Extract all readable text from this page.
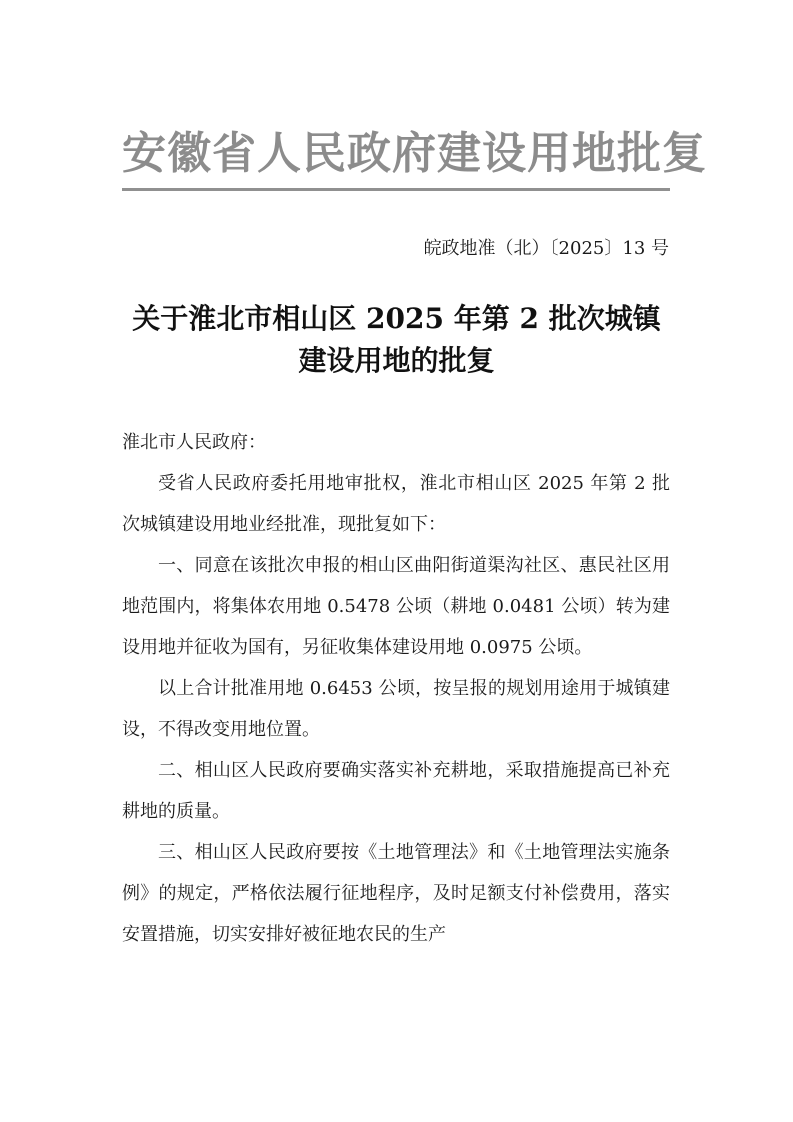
安徽省人民政府建设用地批复
皖政地准（北）〔2025〕13 号
关于淮北市相山区 2025 年第 2 批次城镇
建设用地的批复

淮北市人民政府：

受省人民政府委托用地审批权，淮北市相山区 2025 年第 2 批次城镇建设用地业经批准，现批复如下：

一、同意在该批次申报的相山区曲阳街道渠沟社区、惠民社区用地范围内，将集体农用地 0.5478 公顷（耕地 0.0481 公顷）转为建设用地并征收为国有，另征收集体建设用地 0.0975 公顷。

以上合计批准用地 0.6453 公顷，按呈报的规划用途用于城镇建设，不得改变用地位置。

二、相山区人民政府要确实落实补充耕地，采取措施提高已补充耕地的质量。

三、相山区人民政府要按《土地管理法》和《土地管理法实施条例》的规定，严格依法履行征地程序，及时足额支付补偿费用，落实安置措施，切实安排好被征地农民的生产
